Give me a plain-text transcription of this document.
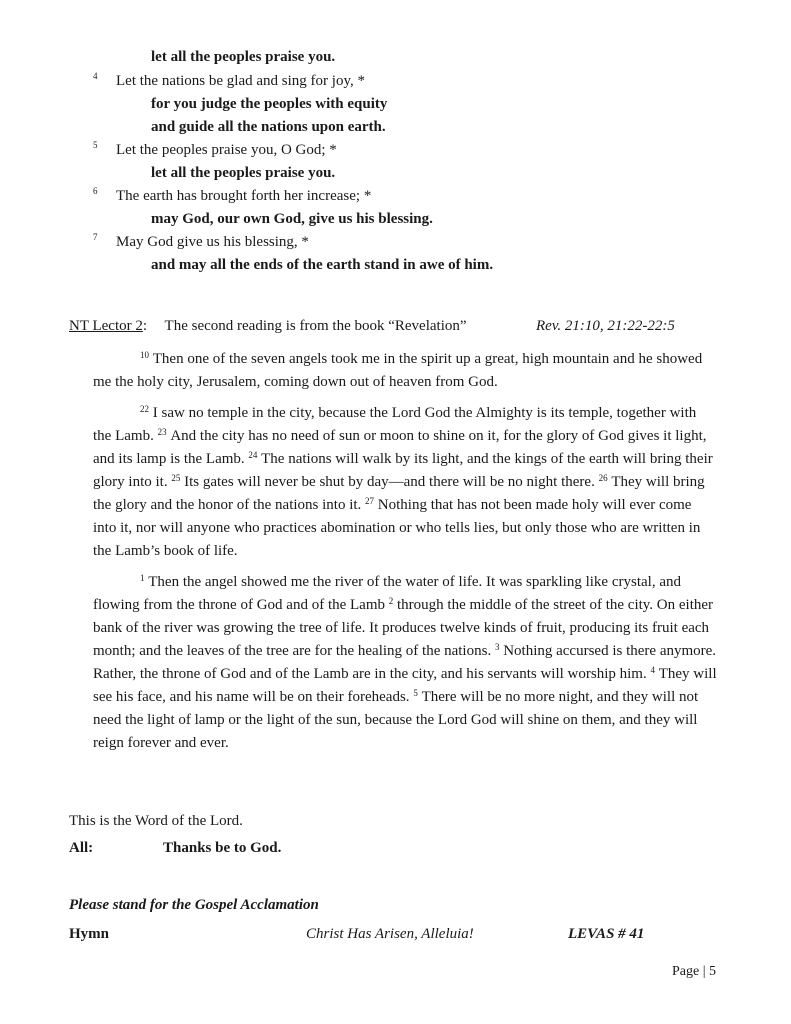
let all the peoples praise you.
4 Let the nations be glad and sing for joy, *
for you judge the peoples with equity
and guide all the nations upon earth.
5 Let the peoples praise you, O God; *
let all the peoples praise you.
6 The earth has brought forth her increase; *
may God, our own God, give us his blessing.
7 May God give us his blessing, *
and may all the ends of the earth stand in awe of him.
NT Lector 2: The second reading is from the book “Revelation”	Rev. 21:10, 21:22-22:5

$^{10}$ Then one of the seven angels took me in the spirit up a great, high mountain and he showed me the holy city, Jerusalem, coming down out of heaven from God.

$^{22}$ I saw no temple in the city, because the Lord God the Almighty is its temple, together with the Lamb. $^{23}$ And the city has no need of sun or moon to shine on it, for the glory of God gives it light, and its lamp is the Lamb. $^{24}$ The nations will walk by its light, and the kings of the earth will bring their glory into it. $^{25}$ Its gates will never be shut by day—and there will be no night there. $^{26}$ They will bring the glory and the honor of the nations into it. $^{27}$ Nothing that has not been made holy will ever come into it, nor will anyone who practices abomination or who tells lies, but only those who are written in the Lamb’s book of life.

$^1$ Then the angel showed me the river of the water of life. It was sparkling like crystal, and flowing from the throne of God and of the Lamb $^2$ through the middle of the street of the city. On either bank of the river was growing the tree of life. It produces twelve kinds of fruit, producing its fruit each month; and the leaves of the tree are for the healing of the nations. $^3$ Nothing accursed is there anymore. Rather, the throne of God and of the Lamb are in the city, and his servants will worship him. $^4$ They will see his face, and his name will be on their foreheads. $^5$ There will be no more night, and they will not need the light of lamp or the light of the sun, because the Lord God will shine on them, and they will reign forever and ever.

This is the Word of the Lord.
All:	Thanks be to God.
Please stand for the Gospel Acclamation
Hymn	Christ Has Arisen, Alleluia!	LEVAS # 41
Page | 5
